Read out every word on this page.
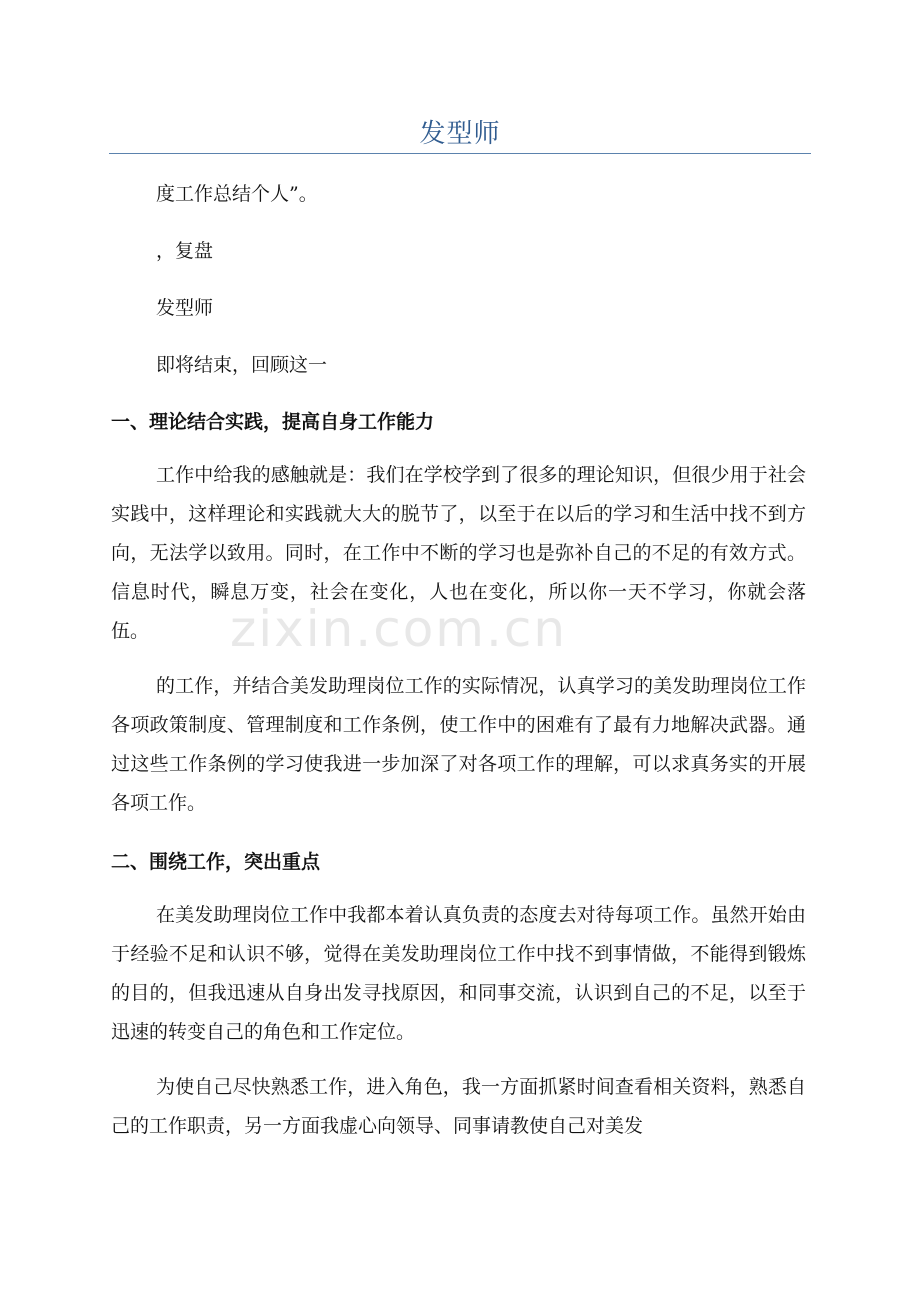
zixin.com.cn
发型师

度工作总结个人”。

，复盘

发型师

即将结束，回顾这一

一、理论结合实践，提高自身工作能力

工作中给我的感触就是：我们在学校学到了很多的理论知识，但很少用于社会实践中，这样理论和实践就大大的脱节了，以至于在以后的学习和生活中找不到方向，无法学以致用。同时，在工作中不断的学习也是弥补自己的不足的有效方式。信息时代，瞬息万变，社会在变化，人也在变化，所以你一天不学习，你就会落伍。

的工作，并结合美发助理岗位工作的实际情况，认真学习的美发助理岗位工作各项政策制度、管理制度和工作条例，使工作中的困难有了最有力地解决武器。通过这些工作条例的学习使我进一步加深了对各项工作的理解，可以求真务实的开展各项工作。

二、围绕工作，突出重点

在美发助理岗位工作中我都本着认真负责的态度去对待每项工作。虽然开始由于经验不足和认识不够，觉得在美发助理岗位工作中找不到事情做，不能得到锻炼的目的，但我迅速从自身出发寻找原因，和同事交流，认识到自己的不足，以至于迅速的转变自己的角色和工作定位。

为使自己尽快熟悉工作，进入角色，我一方面抓紧时间查看相关资料，熟悉自己的工作职责，另一方面我虚心向领导、同事请教使自己对美发
